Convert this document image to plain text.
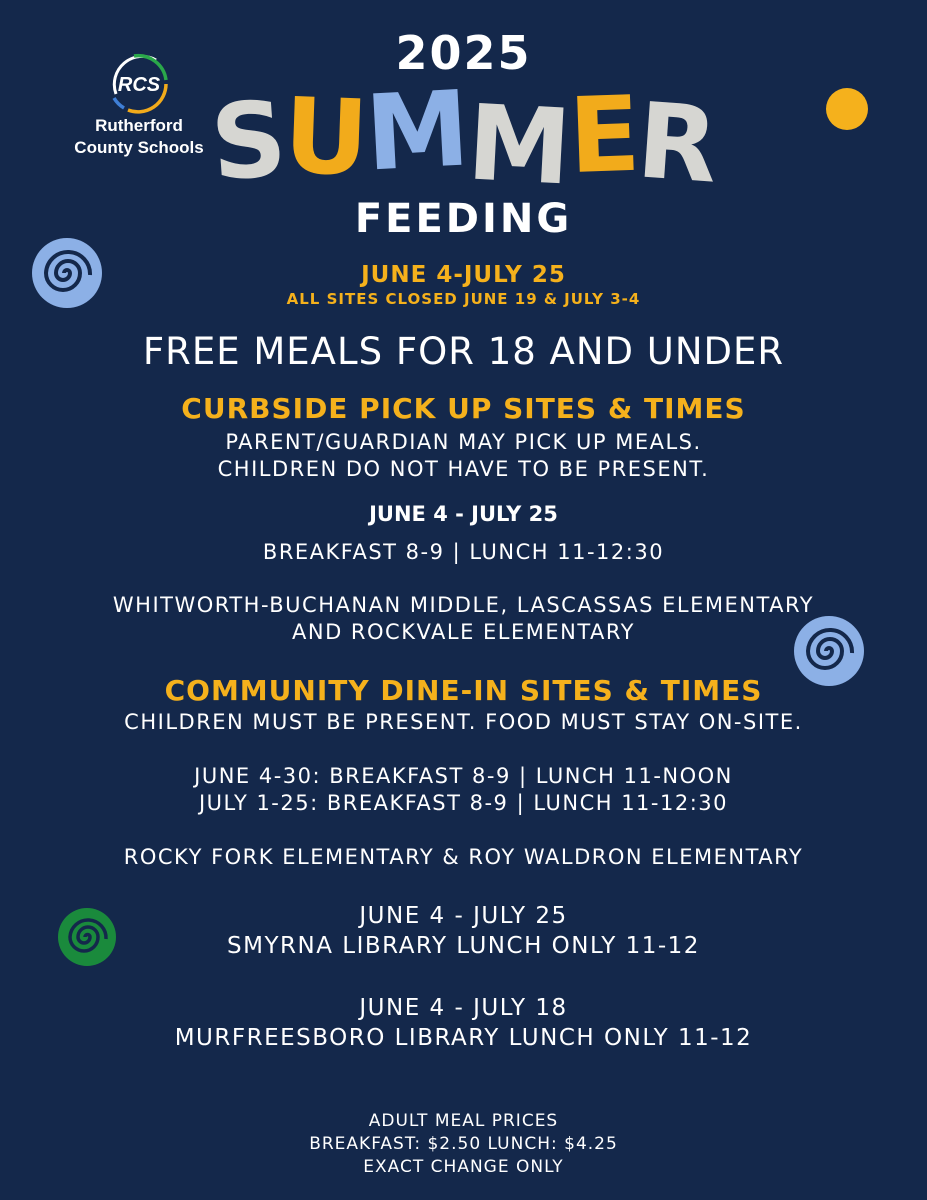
RCS
Rutherford
County Schools
2025
SUMMER
FEEDING
JUNE 4-JULY 25
ALL SITES CLOSED JUNE 19 & JULY 3-4
FREE MEALS FOR 18 AND UNDER
CURBSIDE PICK UP SITES & TIMES
PARENT/GUARDIAN MAY PICK UP MEALS.
CHILDREN DO NOT HAVE TO BE PRESENT.
JUNE 4 - JULY 25
BREAKFAST 8-9 | LUNCH 11-12:30
WHITWORTH-BUCHANAN MIDDLE, LASCASSAS ELEMENTARY
AND ROCKVALE ELEMENTARY
COMMUNITY DINE-IN SITES & TIMES
CHILDREN MUST BE PRESENT. FOOD MUST STAY ON-SITE.
JUNE 4-30: BREAKFAST 8-9 | LUNCH 11-NOON
JULY 1-25: BREAKFAST 8-9 | LUNCH 11-12:30
ROCKY FORK ELEMENTARY & ROY WALDRON ELEMENTARY
JUNE 4 - JULY 25
SMYRNA LIBRARY LUNCH ONLY 11-12
JUNE 4 - JULY 18
MURFREESBORO LIBRARY LUNCH ONLY 11-12
ADULT MEAL PRICES
BREAKFAST: $2.50 LUNCH: $4.25
EXACT CHANGE ONLY
